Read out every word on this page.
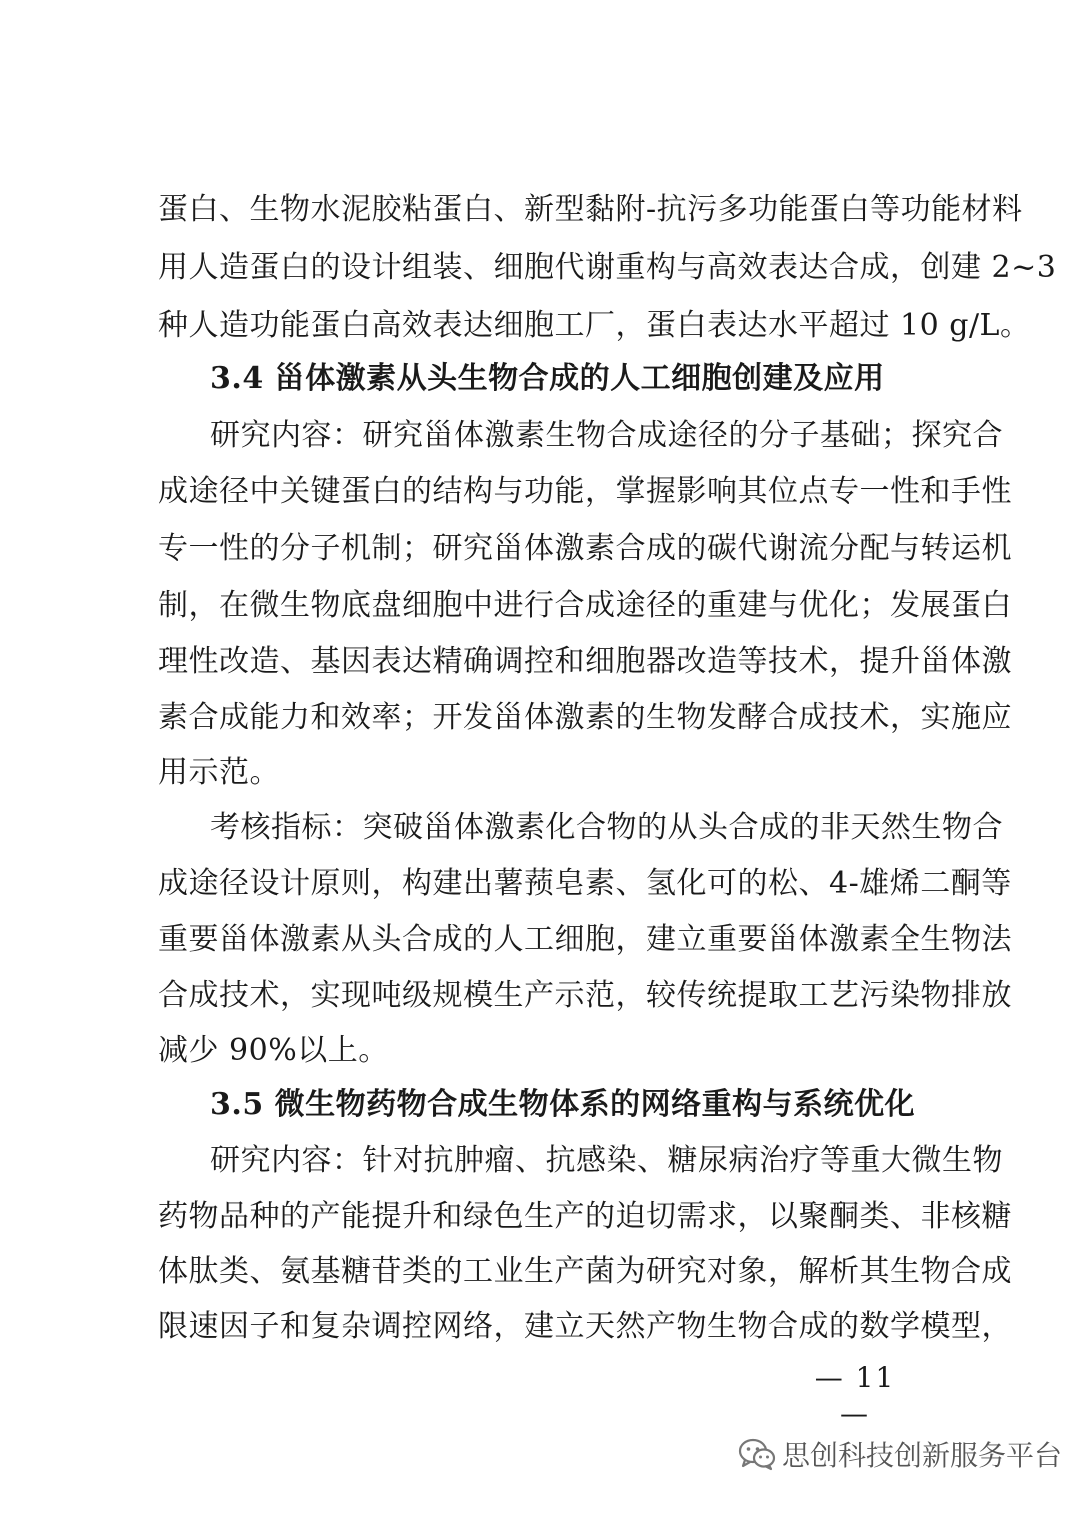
蛋白、生物水泥胶粘蛋白、新型黏附-抗污多功能蛋白等功能材料
用人造蛋白的设计组装、细胞代谢重构与高效表达合成，创建 2~3
种人造功能蛋白高效表达细胞工厂，蛋白表达水平超过 10 g/L。
3.4 甾体激素从头生物合成的人工细胞创建及应用
研究内容：研究甾体激素生物合成途径的分子基础；探究合
成途径中关键蛋白的结构与功能，掌握影响其位点专一性和手性
专一性的分子机制；研究甾体激素合成的碳代谢流分配与转运机
制，在微生物底盘细胞中进行合成途径的重建与优化；发展蛋白
理性改造、基因表达精确调控和细胞器改造等技术，提升甾体激
素合成能力和效率；开发甾体激素的生物发酵合成技术，实施应
用示范。
考核指标：突破甾体激素化合物的从头合成的非天然生物合
成途径设计原则，构建出薯蓣皂素、氢化可的松、4-雄烯二酮等
重要甾体激素从头合成的人工细胞，建立重要甾体激素全生物法
合成技术，实现吨级规模生产示范，较传统提取工艺污染物排放
减少 90%以上。
3.5 微生物药物合成生物体系的网络重构与系统优化
研究内容：针对抗肿瘤、抗感染、糖尿病治疗等重大微生物
药物品种的产能提升和绿色生产的迫切需求，以聚酮类、非核糖
体肽类、氨基糖苷类的工业生产菌为研究对象，解析其生物合成
限速因子和复杂调控网络，建立天然产物生物合成的数学模型，
— 11 —
思创科技创新服务平台
